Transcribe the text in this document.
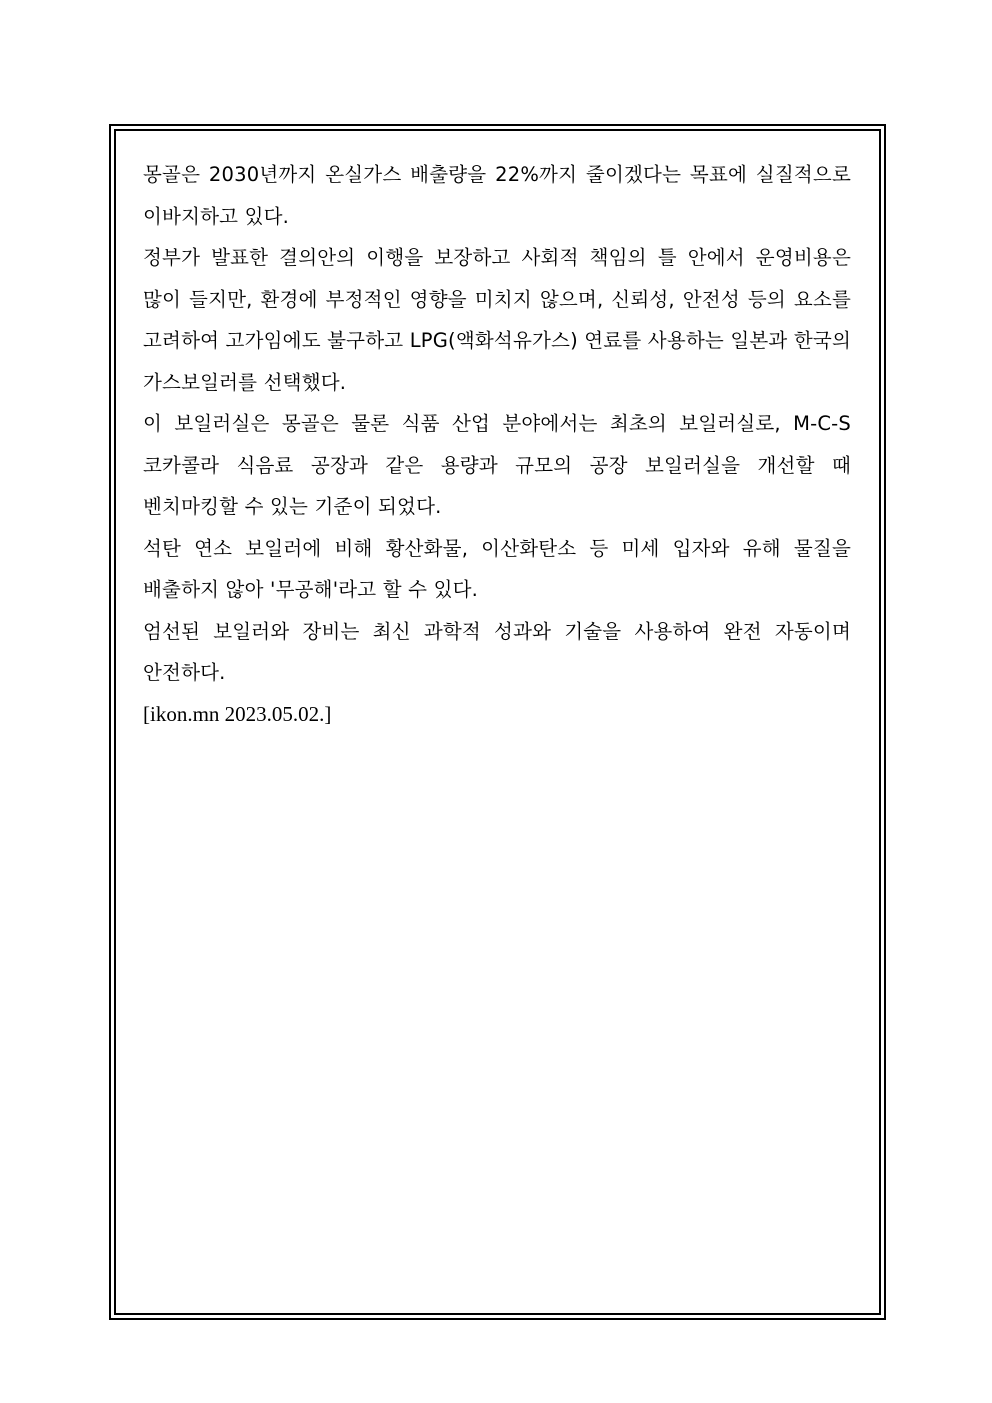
몽골은 2030년까지 온실가스 배출량을 22%까지 줄이겠다는 목표에 실질적으로 이바지하고 있다.

정부가 발표한 결의안의 이행을 보장하고 사회적 책임의 틀 안에서 운영비용은 많이 들지만, 환경에 부정적인 영향을 미치지 않으며, 신뢰성, 안전성 등의 요소를 고려하여 고가임에도 불구하고 LPG(액화석유가스) 연료를 사용하는 일본과 한국의 가스보일러를 선택했다.

이 보일러실은 몽골은 물론 식품 산업 분야에서는 최초의 보일러실로, M-C-S 코카콜라 식음료 공장과 같은 용량과 규모의 공장 보일러실을 개선할 때 벤치마킹할 수 있는 기준이 되었다.

석탄 연소 보일러에 비해 황산화물, 이산화탄소 등 미세 입자와 유해 물질을 배출하지 않아 '무공해'라고 할 수 있다.

엄선된 보일러와 장비는 최신 과학적 성과와 기술을 사용하여 완전 자동이며 안전하다.

[ikon.mn 2023.05.02.]
